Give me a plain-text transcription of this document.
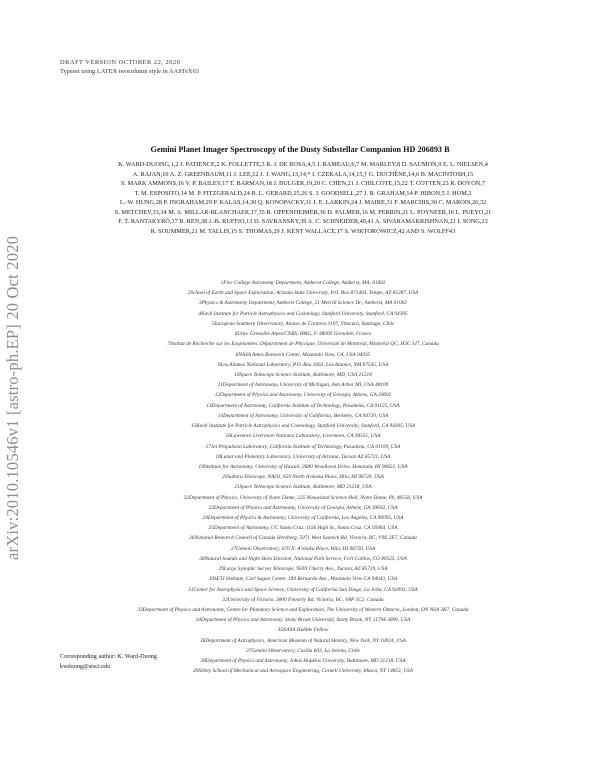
arXiv:2010.10546v1 [astro-ph.EP] 20 Oct 2020
DRAFT VERSION OCTOBER 22, 2020
Typeset using LATEX twocolumn style in AASTeX63
Gemini Planet Imager Spectroscopy of the Dusty Substellar Companion HD 206893 B
K. WARD-DUONG,1,2 J. PATIENCE,2 K. FOLLETTE,3 R. J. DE ROSA,4,5 J. RAMEAU,6,7 M. MARLEY,8 D. SAUMON,9 E. L. NIELSEN,4
A. RAJAN,10 A. Z. GREENBAUM,11 J. LEE,12 J. J. WANG,13,14,* I. CZEKALA,14,15,† G. DUCHÊNE,14,6 B. MACINTOSH,15
S. MARK AMMONS,16 V. P. BAILEY,17 T. BARMAN,18 J. BULGER,19,20 C. CHEN,21 J. CHILCOTE,15,22 T. COTTEN,23 R. DOYON,7
T. M. ESPOSITO,14 M. P. FITZGERALD,24 B. L. GERARD,25,26 S. J. GOODSELL,27 J. R. GRAHAM,14 P. HIBON,5 J. HOM,2
L.-W. HUNG,28 P. INGRAHAM,29 P. KALAS,14,30 Q. KONOPACKY,31 J. E. LARKIN,24 J. MAIRE,31 F. MARCHIS,30 C. MAROIS,26,32
S. METCHEV,33,34 M. A. MILLAR-BLANCHAER,17,35 R. OPPENHEIMER,36 D. PALMER,16 M. PERRIN,21 L. POYNEER,16 L. PUEYO,21
F. T. RANTAKYRÖ,37 B. REN,38 J.-B. RUFFIO,13 D. SAVRANSKY,39 A. C. SCHNEIDER,40,41 A. SIVARAMAKRISHNAN,21 I. SONG,23
R. SOUMMER,21 M. TALLIS,15 S. THOMAS,29 J. KENT WALLACE,17 S. WIKTOROWICZ,42 AND S. WOLFF43
1Five College Astronomy Department, Amherst College, Amherst, MA, 01002
2School of Earth and Space Exploration, Arizona State University, P.O. Box 871404, Tempe, AZ 85287, USA
3Physics & Astronomy Department, Amherst College, 21 Merrill Science Dr., Amherst, MA 01002
4Kavli Institute for Particle Astrophysics and Cosmology, Stanford University, Stanford, CA 94305
5European Southern Observatory, Alonso de Córdova 3107, Vitacura, Santiago, Chile
6Univ. Grenoble Alpes/CNRS, IPAG, F-38000 Grenoble, France
7Institut de Recherche sur les Exoplanètes, Département de Physique, Université de Montréal, Montréal QC, H3C 3J7, Canada
8NASA Ames Research Center, Mountain View, CA, USA 94035
9Los Alamos National Laboratory, P.O. Box 1663, Los Alamos, NM 87545, USA
10Space Telescope Science Institute, Baltimore, MD, USA 21218
11Department of Astronomy, University of Michigan, Ann Arbor MI, USA 48109
12Department of Physics and Astronomy, University of Georgia, Athens, GA 30602
13Department of Astronomy, California Institute of Technology, Pasadena, CA 91125, USA
14Department of Astronomy, University of California, Berkeley, CA 94720, USA
15Kavli Institute for Particle Astrophysics and Cosmology, Stanford University, Stanford, CA 94305, USA
16Lawrence Livermore National Laboratory, Livermore, CA 94551, USA
17Jet Propulsion Laboratory, California Institute of Technology, Pasadena, CA 91109, USA
18Lunar and Planetary Laboratory, University of Arizona, Tucson AZ 85721, USA
19Institute for Astronomy, University of Hawaii, 2680 Woodlawn Drive, Honolulu, HI 96822, USA
20Subaru Telescope, NAOJ, 650 North A'ohoku Place, Hilo, HI 96720, USA
21Space Telescope Science Institute, Baltimore, MD 21218, USA
22Department of Physics, University of Notre Dame, 225 Nieuwland Science Hall, Notre Dame, IN, 46556, USA
23Department of Physics and Astronomy, University of Georgia, Athens, GA 30602, USA
24Department of Physics & Astronomy, University of California, Los Angeles, CA 90095, USA
25Department of Astronomy, UC Santa Cruz, 1156 High St., Santa Cruz, CA 95064, USA
26National Research Council of Canada Herzberg, 5071 West Saanich Rd, Victoria, BC, V9E 2E7, Canada
27Gemini Observatory, 670 N. A'ohoku Place, Hilo, HI 96720, USA
28Natural Sounds and Night Skies Division, National Park Service, Fort Collins, CO 80525, USA
29Large Synoptic Survey Telescope, 950N Cherry Ave., Tucson, AZ 85719, USA
30SETI Institute, Carl Sagan Center, 189 Bernardo Ave., Mountain View CA 94043, USA
31Center for Astrophysics and Space Science, University of California San Diego, La Jolla, CA 92093, USA
32University of Victoria, 3800 Finnerty Rd, Victoria, BC, V8P 5C2, Canada
33Department of Physics and Astronomy, Centre for Planetary Science and Exploration, The University of Western Ontario, London, ON N6A 3K7, Canada
34Department of Physics and Astronomy, Stony Brook University, Stony Brook, NY 11794-3800, USA
35NASA Hubble Fellow
36Department of Astrophysics, American Museum of Natural History, New York, NY 10024, USA
37Gemini Observatory, Casilla 603, La Serena, Chile
38Department of Physics and Astronomy, Johns Hopkins University, Baltimore, MD 21218, USA
39Sibley School of Mechanical and Aerospace Engineering, Cornell University, Ithaca, NY 14853, USA
Corresponding author: K. Ward-Duong
kwduong@stsci.edu
